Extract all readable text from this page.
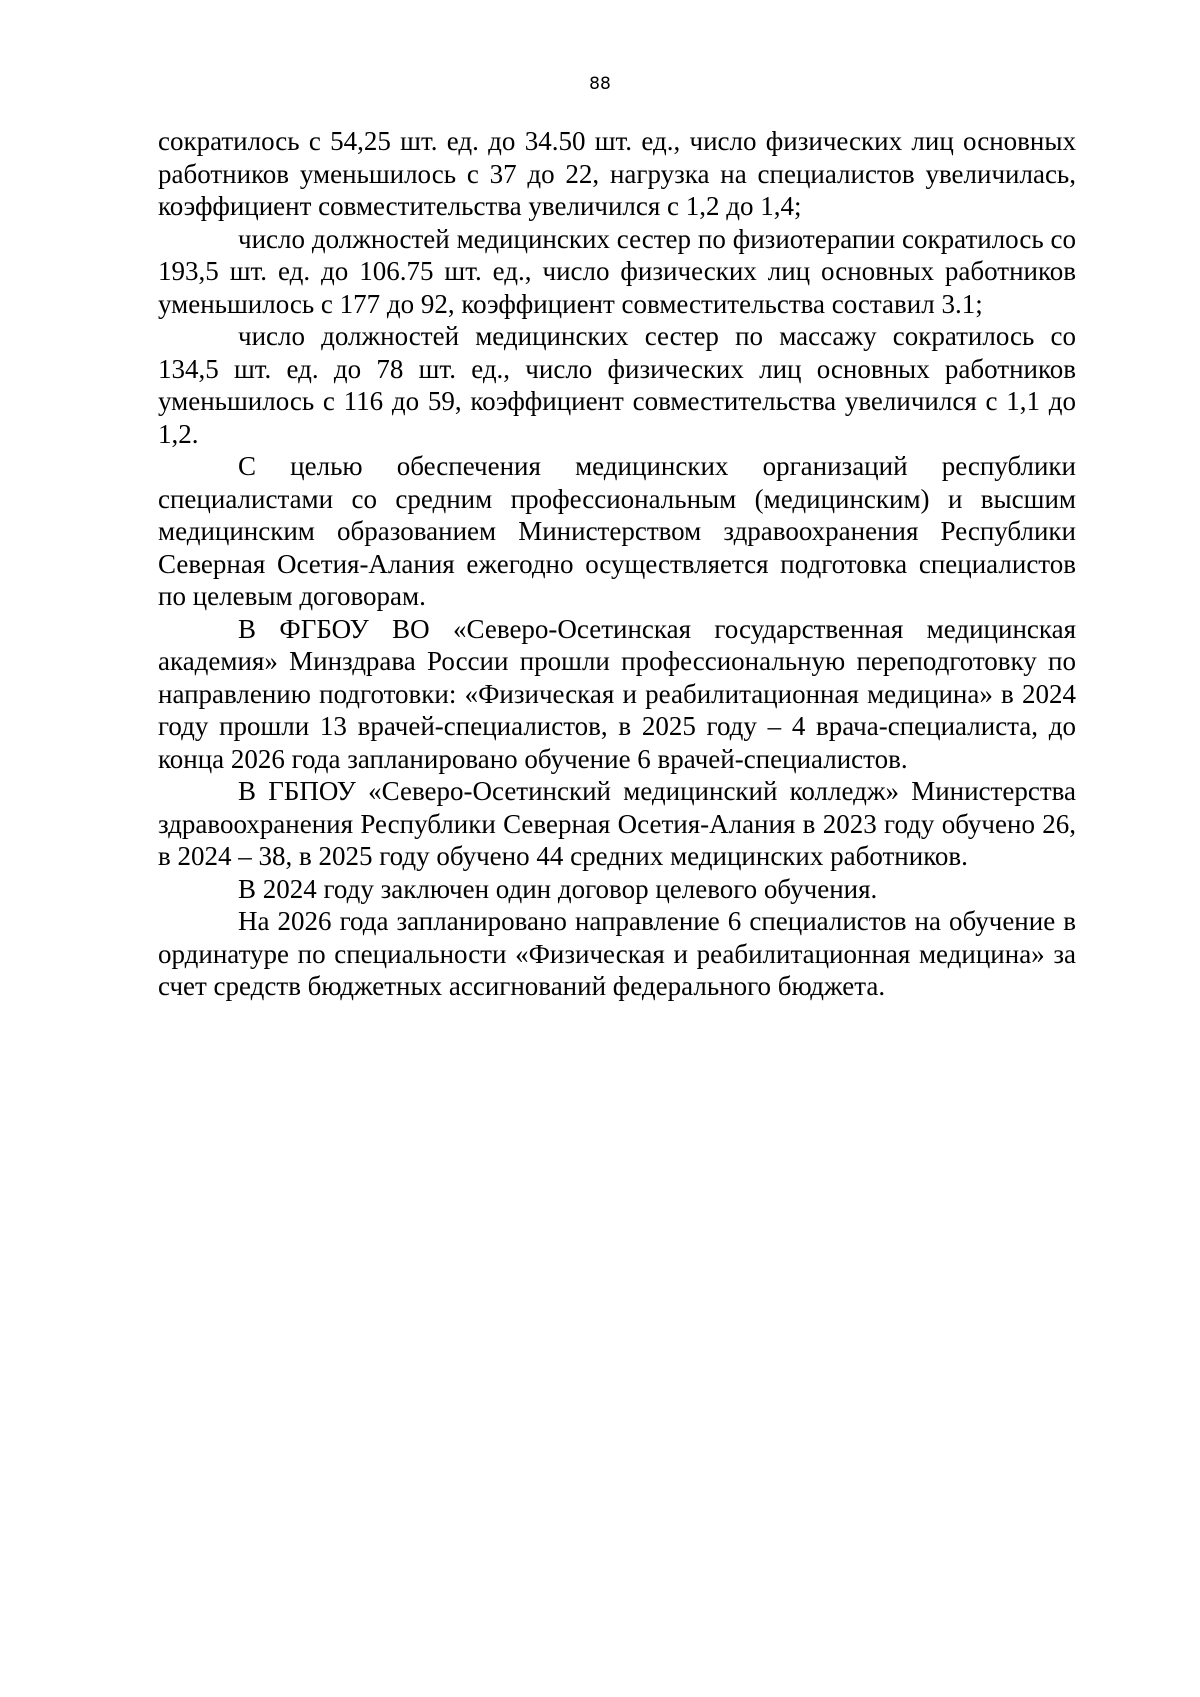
88

сократилось с 54,25 шт. ед. до 34.50 шт. ед., число физических лиц основных работников уменьшилось с 37 до 22, нагрузка на специалистов увеличилась, коэффициент совместительства увеличился с 1,2 до 1,4;

число должностей медицинских сестер по физиотерапии сократилось со 193,5 шт. ед. до 106.75 шт. ед., число физических лиц основных работников уменьшилось с 177 до 92, коэффициент совместительства составил 3.1;

число должностей медицинских сестер по массажу сократилось со 134,5 шт. ед. до 78 шт. ед., число физических лиц основных работников уменьшилось с 116 до 59, коэффициент совместительства увеличился с 1,1 до 1,2.

С целью обеспечения медицинских организаций республики специалистами со средним профессиональным (медицинским) и высшим медицинским образованием Министерством здравоохранения Республики Северная Осетия-Алания ежегодно осуществляется подготовка специалистов по целевым договорам.

В ФГБОУ ВО «Северо-Осетинская государственная медицинская академия» Минздрава России прошли профессиональную переподготовку по направлению подготовки: «Физическая и реабилитационная медицина» в 2024 году прошли 13 врачей-специалистов, в 2025 году – 4 врача-специалиста, до конца 2026 года запланировано обучение 6 врачей-специалистов.

В ГБПОУ «Северо-Осетинский медицинский колледж» Министерства здравоохранения Республики Северная Осетия-Алания в 2023 году обучено 26, в 2024 – 38, в 2025 году обучено 44 средних медицинских работников.

В 2024 году заключен один договор целевого обучения.

На 2026 года запланировано направление 6 специалистов на обучение в ординатуре по специальности «Физическая и реабилитационная медицина» за счет средств бюджетных ассигнований федерального бюджета.
